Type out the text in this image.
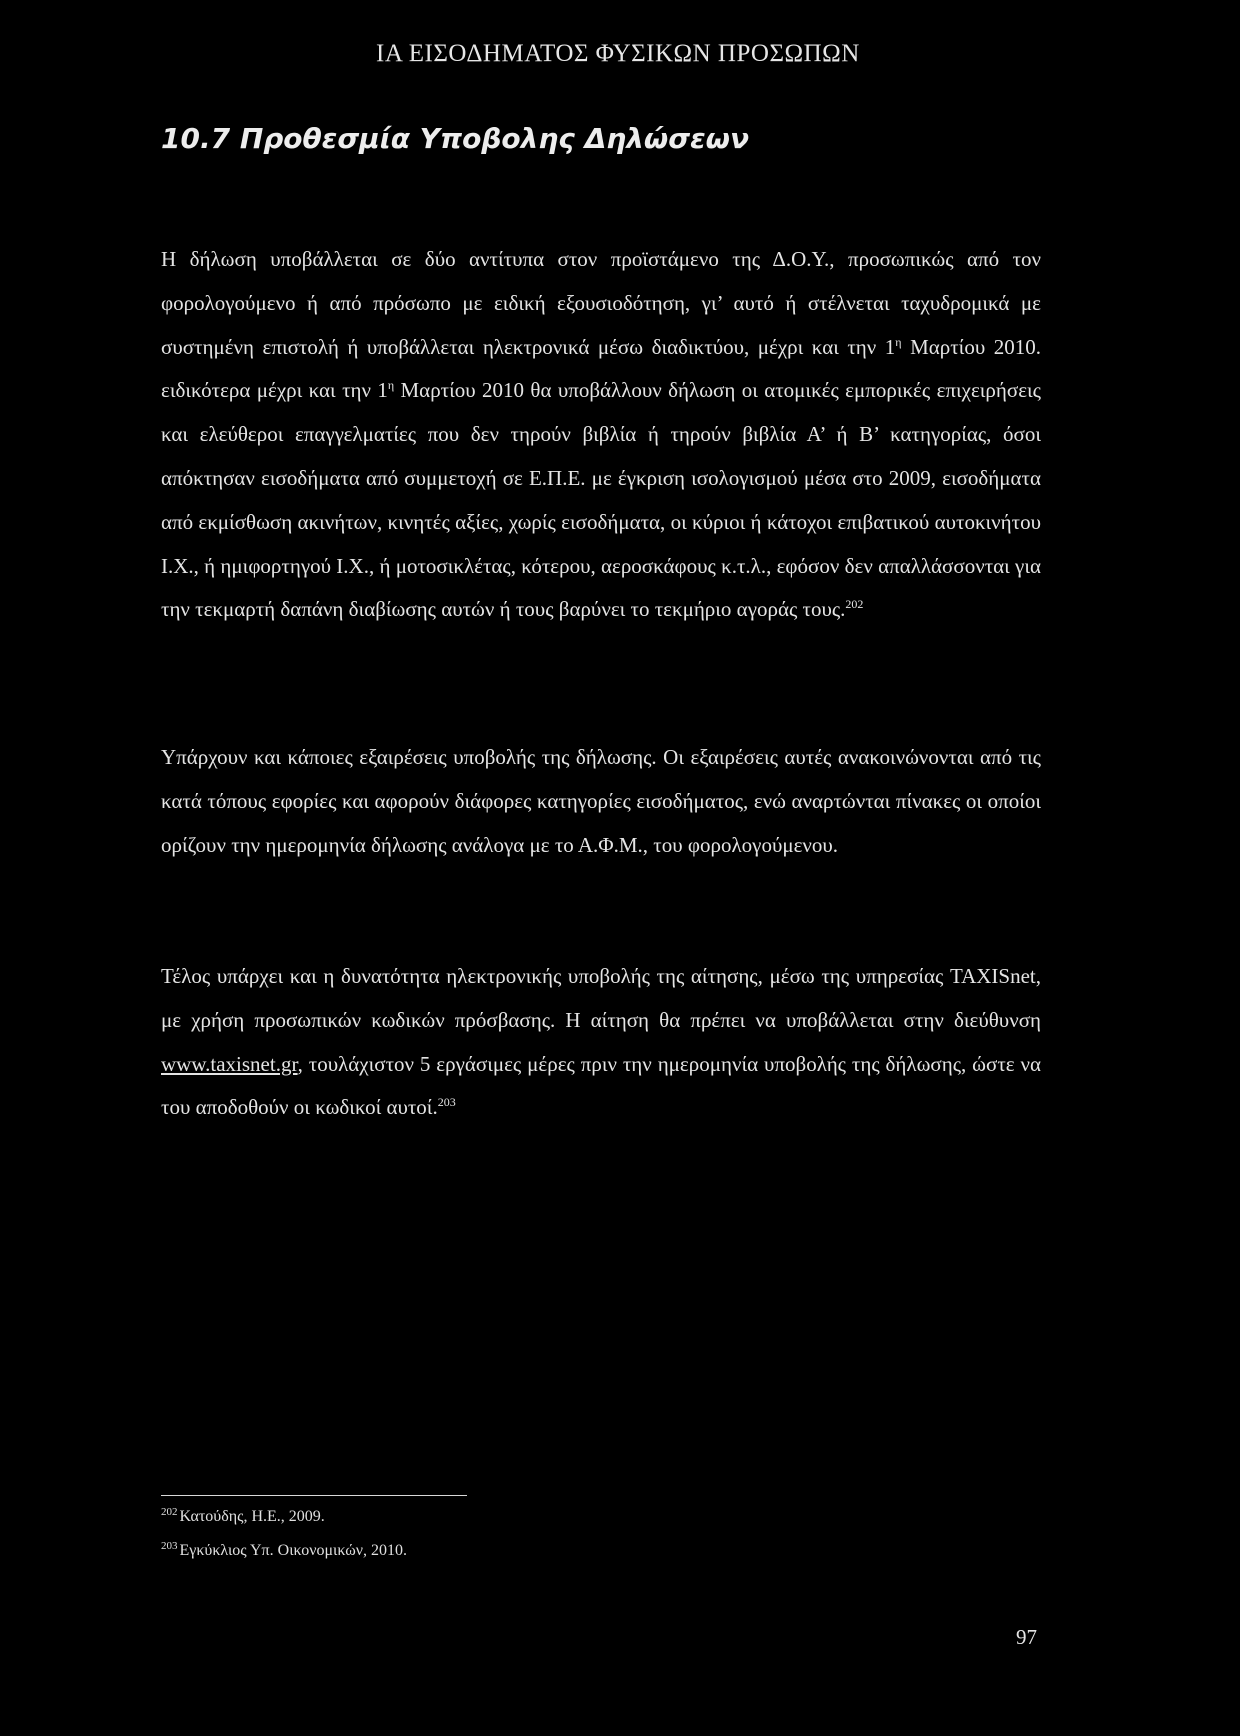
ΙΑ ΕΙΣΟΔΗΜΑΤΟΣ ΦΥΣΙΚΩΝ ΠΡΟΣΩΠΩΝ
10.7 Προθεσμία Υποβολης Δηλώσεων
Η δήλωση υποβάλλεται σε δύο αντίτυπα στον προϊστάμενο της Δ.Ο.Υ., προσωπικώς από τον φορολογούμενο ή από πρόσωπο με ειδική εξουσιοδότηση, γι’ αυτό ή στέλνεται ταχυδρομικά με συστημένη επιστολή ή υποβάλλεται ηλεκτρονικά μέσω διαδικτύου, μέχρι και την $1^\eta$ Μαρτίου 2010. ειδικότερα μέχρι και την $1^\eta$ Μαρτίου 2010 θα υποβάλλουν δήλωση οι ατομικές εμπορικές επιχειρήσεις και ελεύθεροι επαγγελματίες που δεν τηρούν βιβλία ή τηρούν βιβλία Α’ ή Β’ κατηγορίας, όσοι απόκτησαν εισοδήματα από συμμετοχή σε Ε.Π.Ε. με έγκριση ισολογισμού μέσα στο 2009, εισοδήματα από εκμίσθωση ακινήτων, κινητές αξίες, χωρίς εισοδήματα, οι κύριοι ή κάτοχοι επιβατικού αυτοκινήτου Ι.Χ., ή ημιφορτηγού Ι.Χ., ή μοτοσικλέτας, κότερου, αεροσκάφους κ.τ.λ., εφόσον δεν απαλλάσσονται για την τεκμαρτή δαπάνη διαβίωσης αυτών ή τους βαρύνει το τεκμήριο αγοράς τους.$^{202}$
Υπάρχουν και κάποιες εξαιρέσεις υποβολής της δήλωσης. Οι εξαιρέσεις αυτές ανακοινώνονται από τις κατά τόπους εφορίες και αφορούν διάφορες κατηγορίες εισοδήματος, ενώ αναρτώνται πίνακες οι οποίοι ορίζουν την ημερομηνία δήλωσης ανάλογα με το Α.Φ.Μ., του φορολογούμενου.
Τέλος υπάρχει και η δυνατότητα ηλεκτρονικής υποβολής της αίτησης, μέσω της υπηρεσίας TAXISnet, με χρήση προσωπικών κωδικών πρόσβασης. Η αίτηση θα πρέπει να υποβάλλεται στην διεύθυνση www.taxisnet.gr, τουλάχιστον 5 εργάσιμες μέρες πριν την ημερομηνία υποβολής της δήλωσης, ώστε να του αποδοθούν οι κωδικοί αυτοί.$^{203}$
$^{202}$ Κατούδης, Η.Ε., 2009.
$^{203}$ Εγκύκλιος Υπ. Οικονομικών, 2010.
97
